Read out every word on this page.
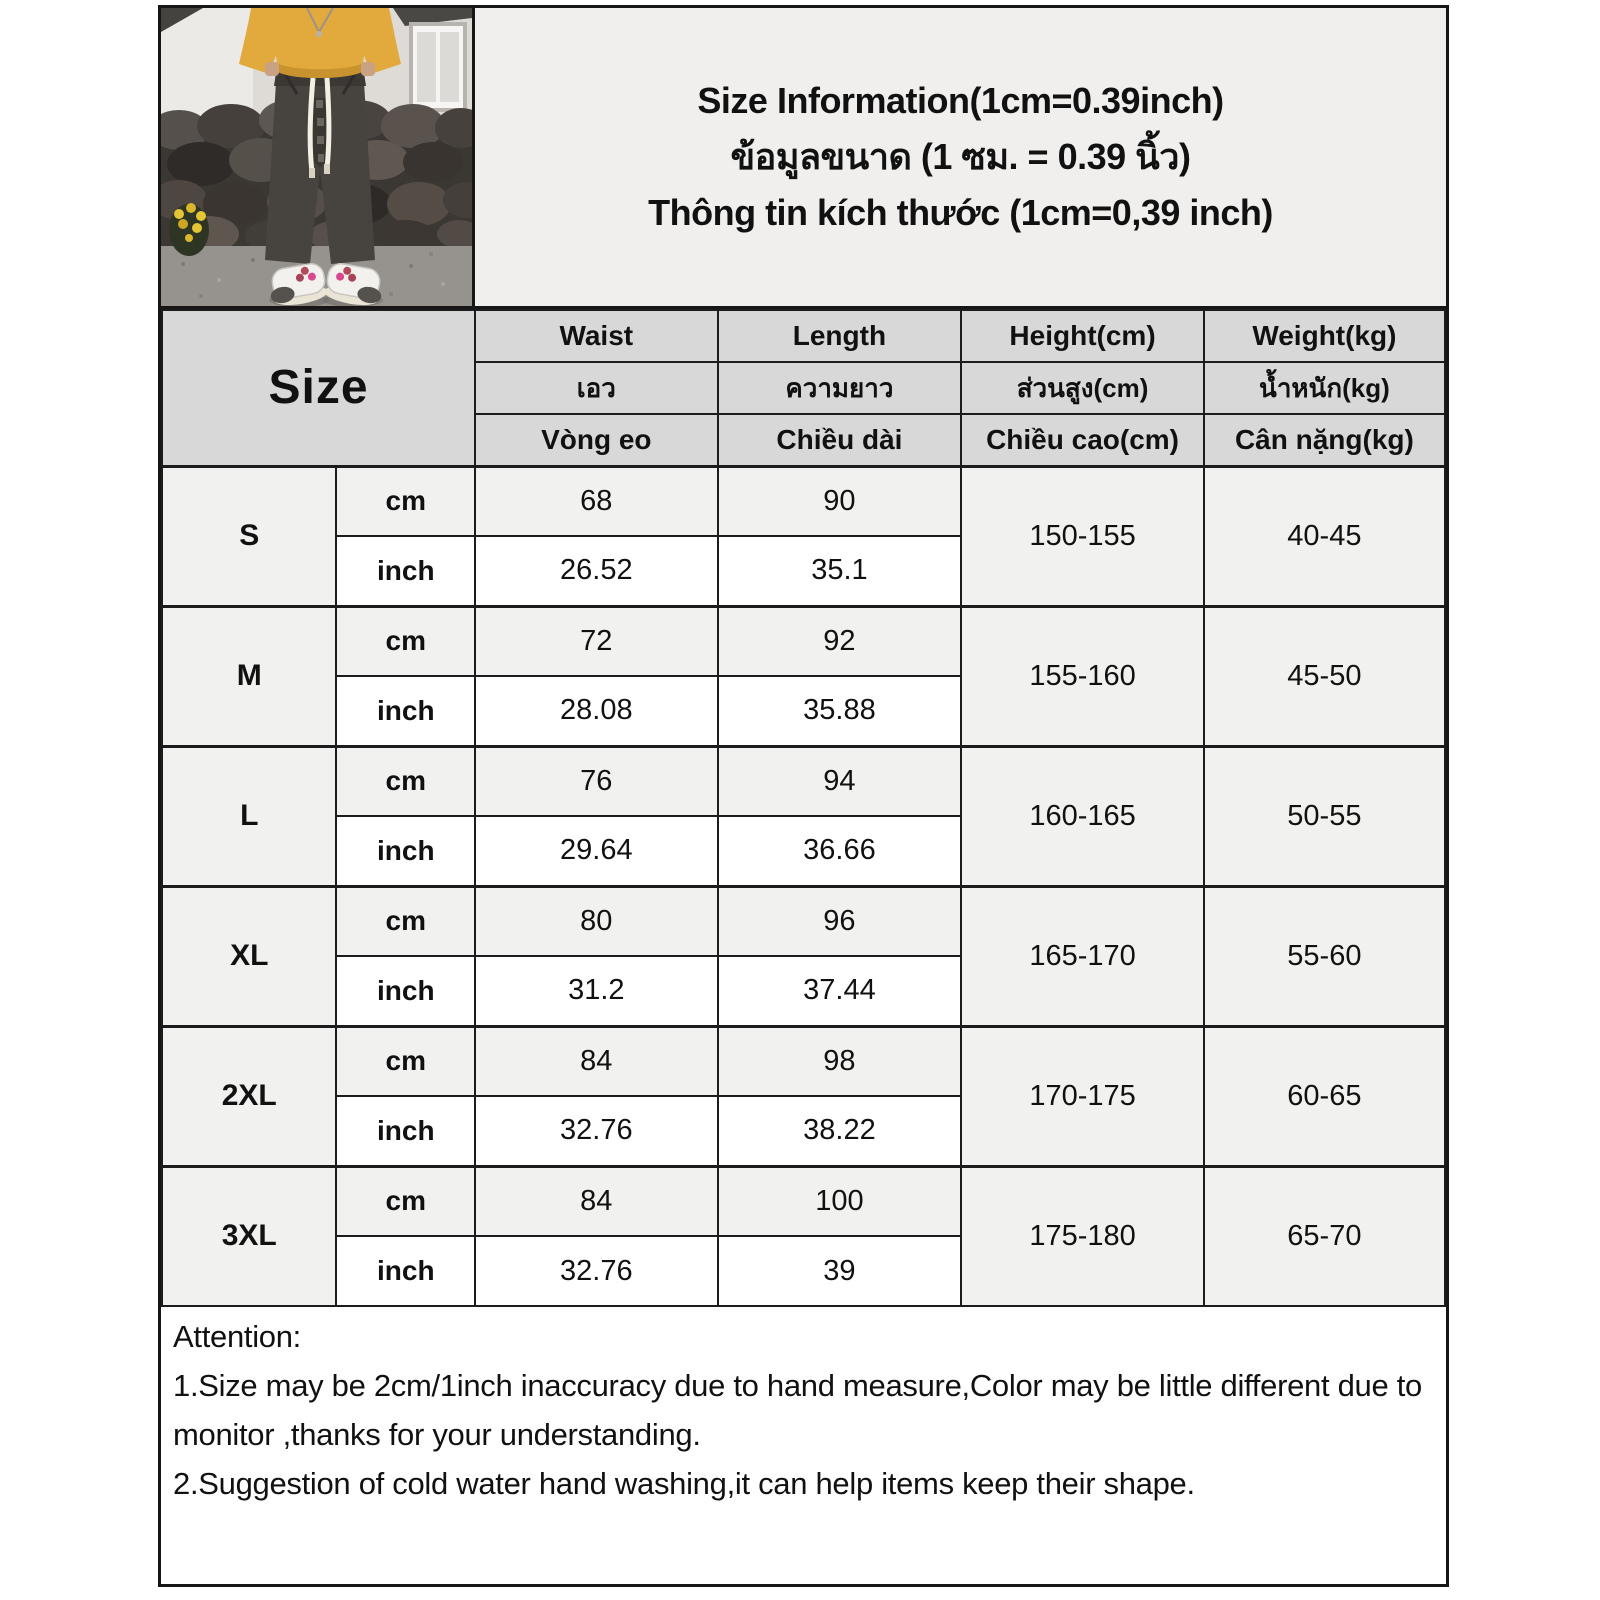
Size Information(1cm=0.39inch)
ข้อมูลขนาด (1 ซม. = 0.39 นิ้ว)
Thông tin kích thước (1cm=0,39 inch)
Size		Waist	Length	Height(cm)	Weight(kg)
		เอว	ความยาว	ส่วนสูง(cm)	น้ำหนัก(kg)
		Vòng eo	Chiều dài	Chiều cao(cm)	Cân nặng(kg)
S	cm	68	90	150-155	40-45
	inch	26.52	35.1		
M	cm	72	92	155-160	45-50
	inch	28.08	35.88		
L	cm	76	94	160-165	50-55
	inch	29.64	36.66		
XL	cm	80	96	165-170	55-60
	inch	31.2	37.44		
2XL	cm	84	98	170-175	60-65
	inch	32.76	38.22		
3XL	cm	84	100	175-180	65-70
	inch	32.76	39		
Attention:
1.Size may be 2cm/1inch inaccuracy due to hand measure,Color may be little different due to monitor ,thanks for your understanding.
2.Suggestion of cold water hand washing,it can help items keep their shape.
